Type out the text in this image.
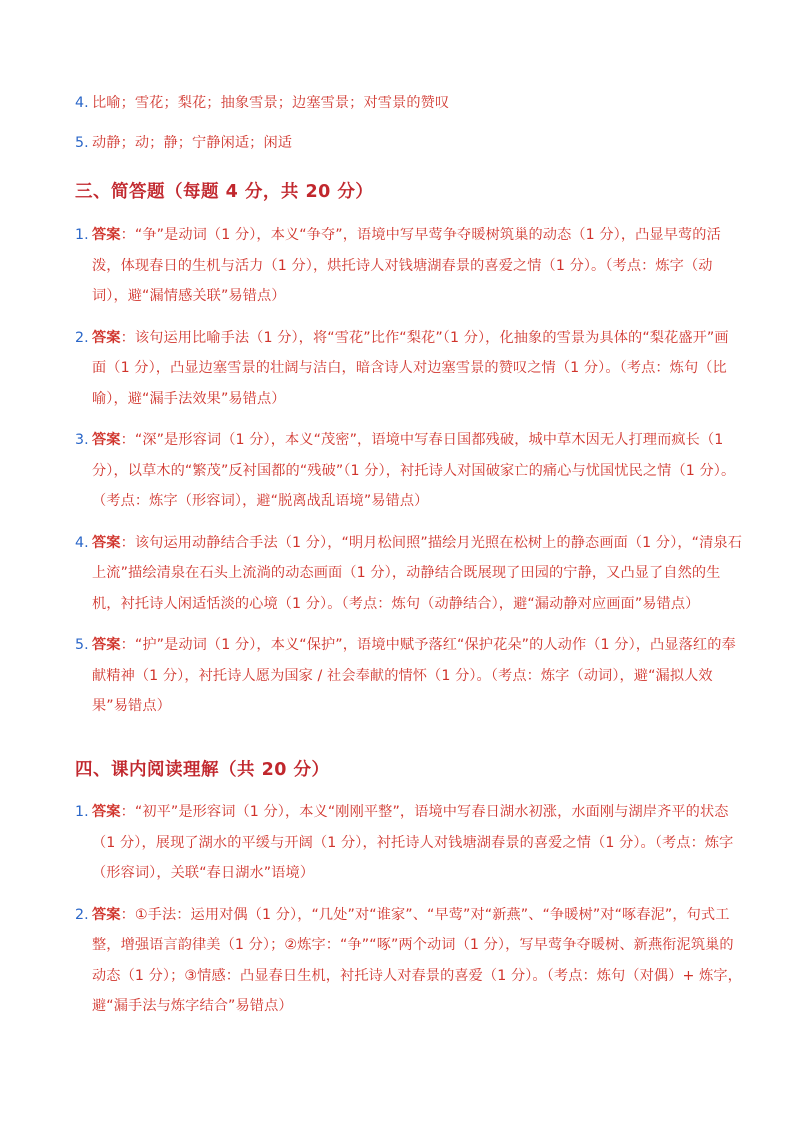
4. 比喻；雪花；梨花；抽象雪景；边塞雪景；对雪景的赞叹
5. 动静；动；静；宁静闲适；闲适
三、简答题（每题 4 分，共 20 分）
1. 答案：“争”是动词（1 分），本义“争夺”，语境中写早莺争夺暖树筑巢的动态（1 分），凸显早莺的活泼，体现春日的生机与活力（1 分），烘托诗人对钱塘湖春景的喜爱之情（1 分）。（考点：炼字（动词），避“漏情感关联”易错点）
2. 答案：该句运用比喻手法（1 分），将“雪花”比作“梨花”（1 分），化抽象的雪景为具体的“梨花盛开”画面（1 分），凸显边塞雪景的壮阔与洁白，暗含诗人对边塞雪景的赞叹之情（1 分）。（考点：炼句（比喻），避“漏手法效果”易错点）
3. 答案：“深”是形容词（1 分），本义“茂密”，语境中写春日国都残破，城中草木因无人打理而疯长（1 分），以草木的“繁茂”反衬国都的“残破”（1 分），衬托诗人对国破家亡的痛心与忧国忧民之情（1 分）。（考点：炼字（形容词），避“脱离战乱语境”易错点）
4. 答案：该句运用动静结合手法（1 分），“明月松间照”描绘月光照在松树上的静态画面（1 分），“清泉石上流”描绘清泉在石头上流淌的动态画面（1 分），动静结合既展现了田园的宁静，又凸显了自然的生机，衬托诗人闲适恬淡的心境（1 分）。（考点：炼句（动静结合），避“漏动静对应画面”易错点）
5. 答案：“护”是动词（1 分），本义“保护”，语境中赋予落红“保护花朵”的人动作（1 分），凸显落红的奉献精神（1 分），衬托诗人愿为国家 / 社会奉献的情怀（1 分）。（考点：炼字（动词），避“漏拟人效果”易错点）
四、课内阅读理解（共 20 分）
1. 答案：“初平”是形容词（1 分），本义“刚刚平整”，语境中写春日湖水初涨，水面刚与湖岸齐平的状态（1 分），展现了湖水的平缓与开阔（1 分），衬托诗人对钱塘湖春景的喜爱之情（1 分）。（考点：炼字（形容词），关联“春日湖水”语境）
2. 答案：①手法：运用对偶（1 分），“几处”对“谁家”、“早莺”对“新燕”、“争暖树”对“啄春泥”，句式工整，增强语言韵律美（1 分）；②炼字：“争”“啄”两个动词（1 分），写早莺争夺暖树、新燕衔泥筑巢的动态（1 分）；③情感：凸显春日生机，衬托诗人对春景的喜爱（1 分）。（考点：炼句（对偶）+ 炼字，避“漏手法与炼字结合”易错点）
